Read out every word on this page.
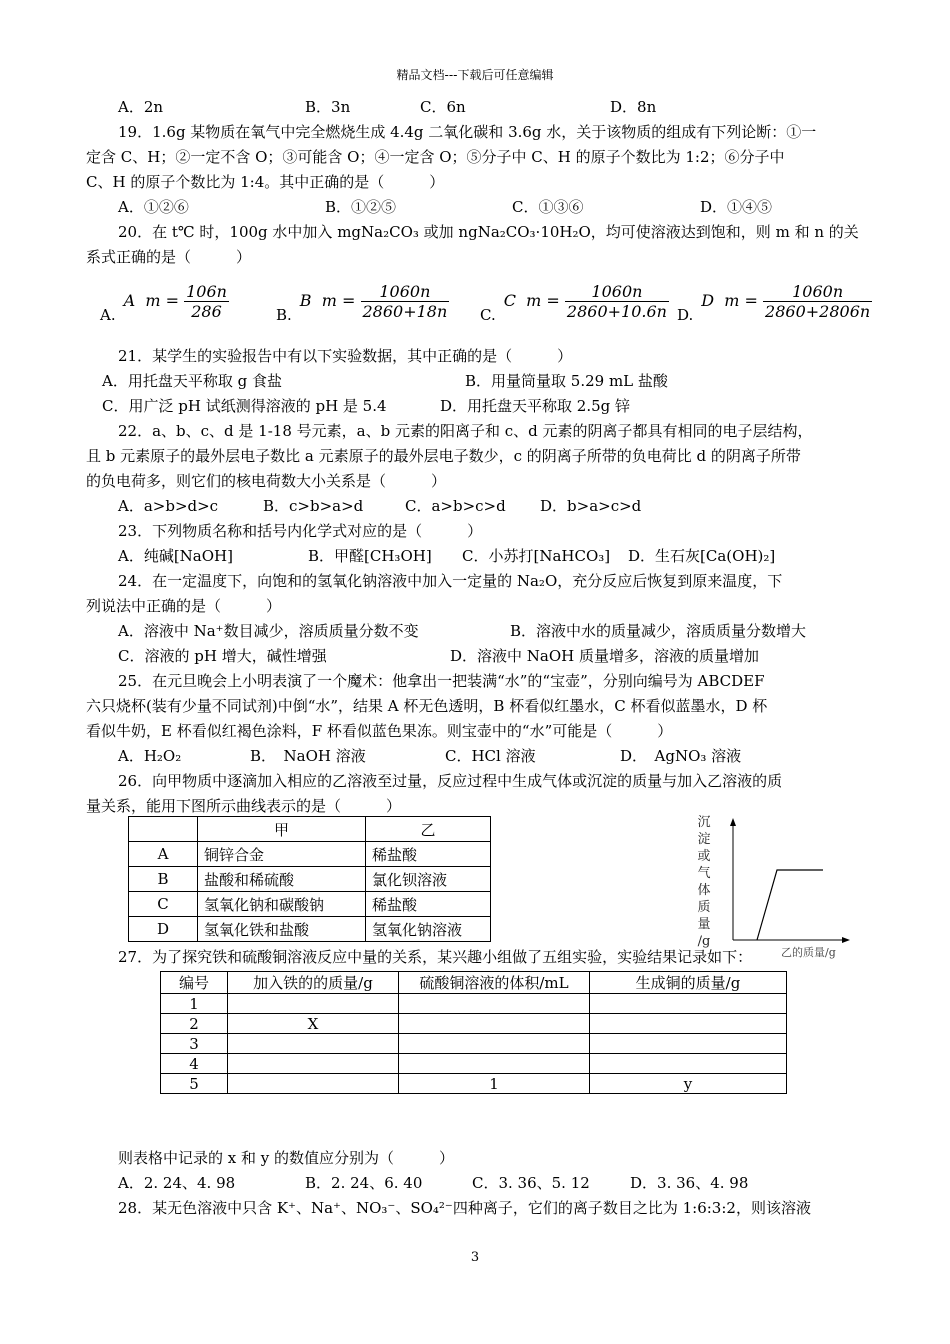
精品文档---下载后可任意编辑
A．2n	B．3n	C．6n	D．8n
19．1.6g 某物质在氧气中完全燃烧生成 4.4g 二氧化碳和 3.6g 水，关于该物质的组成有下列论断：①一
定含 C、H；②一定不含 O；③可能含 O；④一定含 O；⑤分子中 C、H 的原子个数比为 1:2；⑥分子中
C、H 的原子个数比为 1:4。其中正确的是（　　　）
A．①②⑥	B．①②⑤	C．①③⑥	D．①④⑤
20．在 t℃ 时，100g 水中加入 mgNa₂CO₃ 或加 ngNa₂CO₃·10H₂O，均可使溶液达到饱和，则 m 和 n 的关
系式正确的是（　　　）
A.A $m = \frac{106n}{286}$	B.B $m = \frac{1060n}{2860+18n} C.C$ $m = \frac{1060n}{2860+10.6n} D.D$ $m = \frac{1060n}{2860+2806n}$
21．某学生的实验报告中有以下实验数据，其中正确的是（　　　）
A．用托盘天平称取 g 食盐	B．用量筒量取 5.29 mL 盐酸
C．用广泛 pH 试纸测得溶液的 pH 是 5.4	D．用托盘天平称取 2.5g 锌
22．a、b、c、d 是 1-18 号元素，a、b 元素的阳离子和 c、d 元素的阴离子都具有相同的电子层结构，
且 b 元素原子的最外层电子数比 a 元素原子的最外层电子数少，c 的阴离子所带的负电荷比 d 的阴离子所带
的负电荷多，则它们的核电荷数大小关系是（　　　）
A．a>b>d>c	B．c>b>a>d	C．a>b>c>d D．b>a>c>d
23．下列物质名称和括号内化学式对应的是（　　　）
A．纯碱[NaOH]	B．甲醛[CH₃OH] C．小苏打[NaHCO₃] D．生石灰[Ca(OH)₂]
24．在一定温度下，向饱和的氢氧化钠溶液中加入一定量的 Na₂O，充分反应后恢复到原来温度，下
列说法中正确的是（　　　）
A．溶液中 Na⁺数目减少，溶质质量分数不变	B．溶液中水的质量减少，溶质质量分数增大
C．溶液的 pH 增大，碱性增强	D．溶液中 NaOH 质量增多，溶液的质量增加
25．在元旦晚会上小明表演了一个魔术：他拿出一把装满“水”的“宝壶”，分别向编号为 ABCDEF
六只烧杯(装有少量不同试剂)中倒“水”，结果 A 杯无色透明，B 杯看似红墨水，C 杯看似蓝墨水，D 杯
看似牛奶，E 杯看似红褐色涂料，F 杯看似蓝色果冻。则宝壶中的“水”可能是（　　　）
A．H₂O₂	B．　NaOH 溶液	C．HCl 溶液	D．　AgNO₃ 溶液
26．向甲物质中逐滴加入相应的乙溶液至过量，反应过程中生成气体或沉淀的质量与加入乙溶液的质
量关系，能用下图所示曲线表示的是（　　　）
	甲	乙
A	铜锌合金	稀盐酸
B	盐酸和稀硫酸	氯化钡溶液
C	氢氧化钠和碳酸钠	稀盐酸
D	氢氧化铁和盐酸	氢氧化钠溶液
沉
淀
或
气
体
质
量
/g
乙的质量/g
27．为了探究铁和硫酸铜溶液反应中量的关系，某兴趣小组做了五组实验，实验结果记录如下：
编号	加入铁的的质量/g	硫酸铜溶液的体积/mL	生成铜的质量/g
1			
2	X		
3			
4			
5		1	y
则表格中记录的 x 和 y 的数值应分别为（　　　）
A．2. 24、4. 98	B．2. 24、6. 40	C．3. 36、5. 12	D．3. 36、4. 98
28．某无色溶液中只含 K⁺、Na⁺、NO₃⁻、SO₄²⁻四种离子，它们的离子数目之比为 1:6:3:2，则该溶液
3
